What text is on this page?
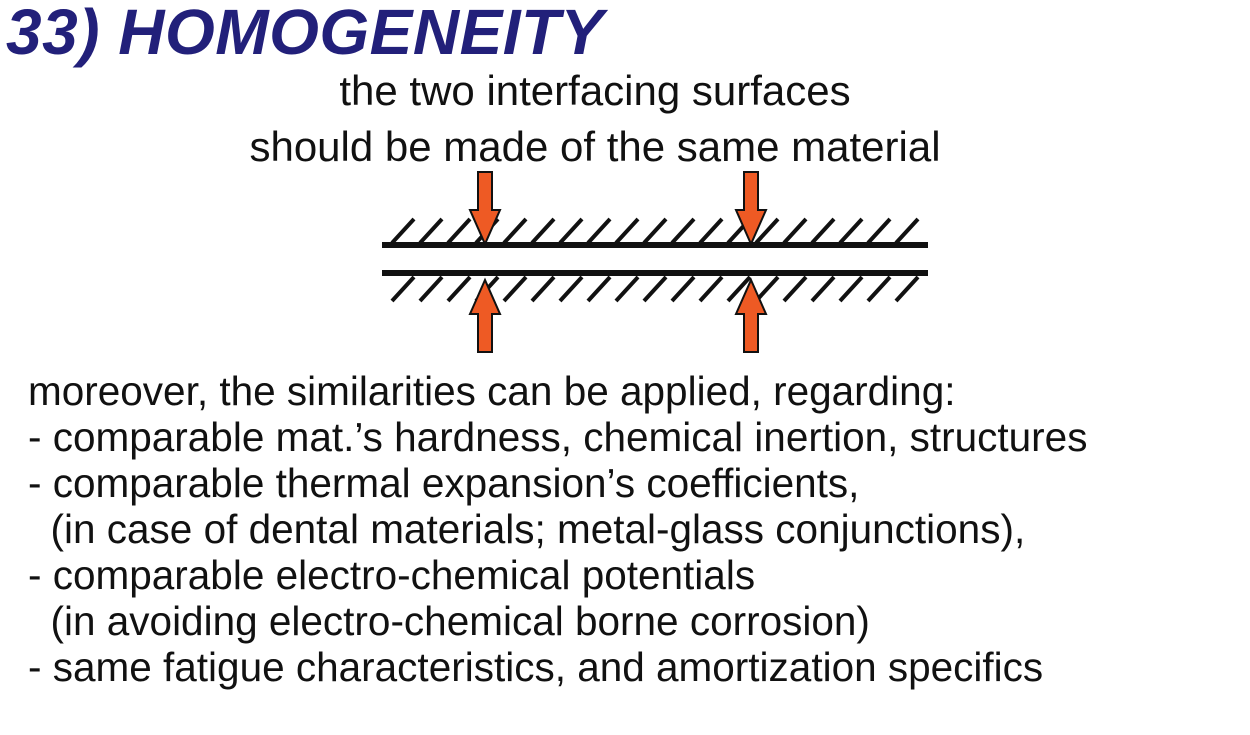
33) HOMOGENEITY

the two interfacing surfaces

should be made of the same material

moreover, the similarities can be applied, regarding:
- comparable mat.’s hardness, chemical inertion, structures
- comparable thermal expansion’s coefficients,
(in case of dental materials; metal-glass conjunctions),
- comparable electro-chemical potentials
(in avoiding electro-chemical borne corrosion)
- same fatigue characteristics, and amortization specifics
